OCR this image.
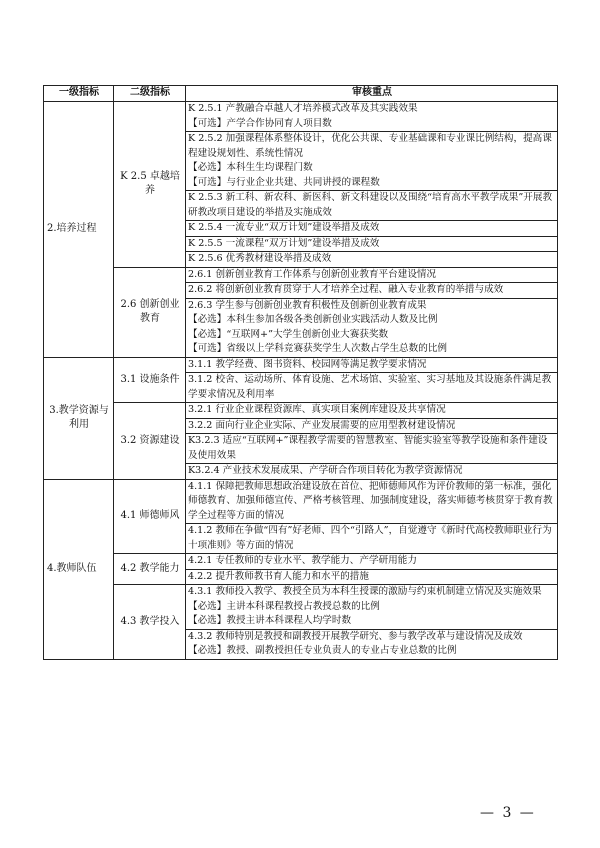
一级指标	二级指标	审核重点
2.培养过程	K 2.5 卓越培养	K 2.5.1 产教融合卓越人才培养模式改革及其实践效果
【可选】产学合作协同育人项目数

		K 2.5.2 加强课程体系整体设计，优化公共课、专业基础课和专业课比例结构，提高课程建设规划性、系统性情况
【必选】本科生生均课程门数
【可选】与行业企业共建、共同讲授的课程数

		K 2.5.3 新工科、新农科、新医科、新文科建设以及围绕“培育高水平教学成果”开展教研教改项目建设的举措及实施成效

		K 2.5.4 一流专业“双万计划”建设举措及成效

		K 2.5.5 一流课程“双万计划”建设举措及成效

		K 2.5.6 优秀教材建设举措及成效

	2.6 创新创业教育	2.6.1 创新创业教育工作体系与创新创业教育平台建设情况

		2.6.2 将创新创业教育贯穿于人才培养全过程、融入专业教育的举措与成效

		2.6.3 学生参与创新创业教育积极性及创新创业教育成果
【必选】本科生参加各级各类创新创业实践活动人数及比例
【必选】“互联网+”大学生创新创业大赛获奖数
【可选】省级以上学科竞赛获奖学生人次数占学生总数的比例

3.教学资源与利用	3.1 设施条件	3.1.1 教学经费、图书资料、校园网等满足教学要求情况

		3.1.2 校舍、运动场所、体育设施、艺术场馆、实验室、实习基地及其设施条件满足教学要求情况及利用率

	3.2 资源建设	3.2.1 行业企业课程资源库、真实项目案例库建设及共享情况

		3.2.2 面向行业企业实际、产业发展需要的应用型教材建设情况

		K3.2.3 适应“互联网+”课程教学需要的智慧教室、智能实验室等教学设施和条件建设及使用效果

		K3.2.4 产业技术发展成果、产学研合作项目转化为教学资源情况

4.教师队伍	4.1 师德师风	4.1.1 保障把教师思想政治建设放在首位、把师德师风作为评价教师的第一标准，强化师德教育、加强师德宣传、严格考核管理、加强制度建设，落实师德考核贯穿于教育教学全过程等方面的情况

		4.1.2 教师在争做“四有”好老师、四个“引路人”，自觉遵守《新时代高校教师职业行为十项准则》等方面的情况

	4.2 教学能力	4.2.1 专任教师的专业水平、教学能力、产学研用能力

		4.2.2 提升教师教书育人能力和水平的措施

	4.3 教学投入	4.3.1 教师投入教学、教授全员为本科生授课的激励与约束机制建立情况及实施效果
【必选】主讲本科课程教授占教授总数的比例
【必选】教授主讲本科课程人均学时数

		4.3.2 教师特别是教授和副教授开展教学研究、参与教学改革与建设情况及成效
【必选】教授、副教授担任专业负责人的专业占专业总数的比例
— 3 —
